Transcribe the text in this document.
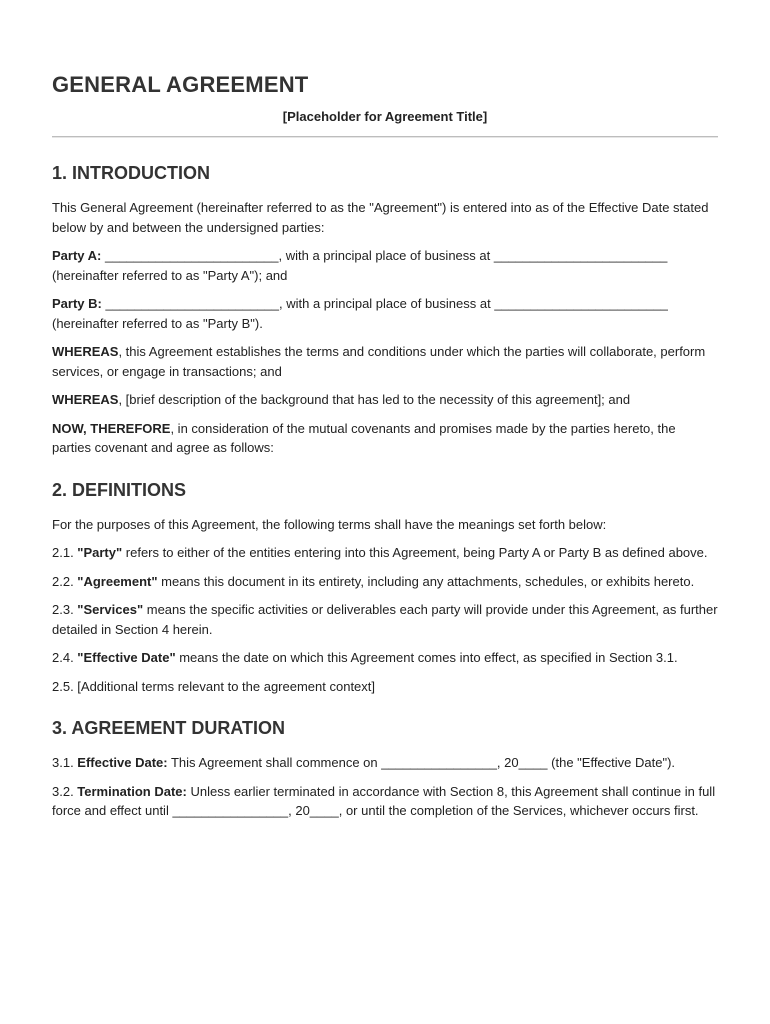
GENERAL AGREEMENT
[Placeholder for Agreement Title]
1. INTRODUCTION

This General Agreement (hereinafter referred to as the "Agreement") is entered into as of the Effective Date stated below by and between the undersigned parties:

Party A: ________________________, with a principal place of business at ________________________ (hereinafter referred to as "Party A"); and

Party B: ________________________, with a principal place of business at ________________________ (hereinafter referred to as "Party B").

WHEREAS, this Agreement establishes the terms and conditions under which the parties will collaborate, perform services, or engage in transactions; and

WHEREAS, [brief description of the background that has led to the necessity of this agreement]; and

NOW, THEREFORE, in consideration of the mutual covenants and promises made by the parties hereto, the parties covenant and agree as follows:

2. DEFINITIONS

For the purposes of this Agreement, the following terms shall have the meanings set forth below:

2.1. "Party" refers to either of the entities entering into this Agreement, being Party A or Party B as defined above.

2.2. "Agreement" means this document in its entirety, including any attachments, schedules, or exhibits hereto.

2.3. "Services" means the specific activities or deliverables each party will provide under this Agreement, as further detailed in Section 4 herein.

2.4. "Effective Date" means the date on which this Agreement comes into effect, as specified in Section 3.1.

2.5. [Additional terms relevant to the agreement context]

3. AGREEMENT DURATION

3.1. Effective Date: This Agreement shall commence on ________________, 20____ (the "Effective Date").

3.2. Termination Date: Unless earlier terminated in accordance with Section 8, this Agreement shall continue in full force and effect until ________________, 20____, or until the completion of the Services, whichever occurs first.
